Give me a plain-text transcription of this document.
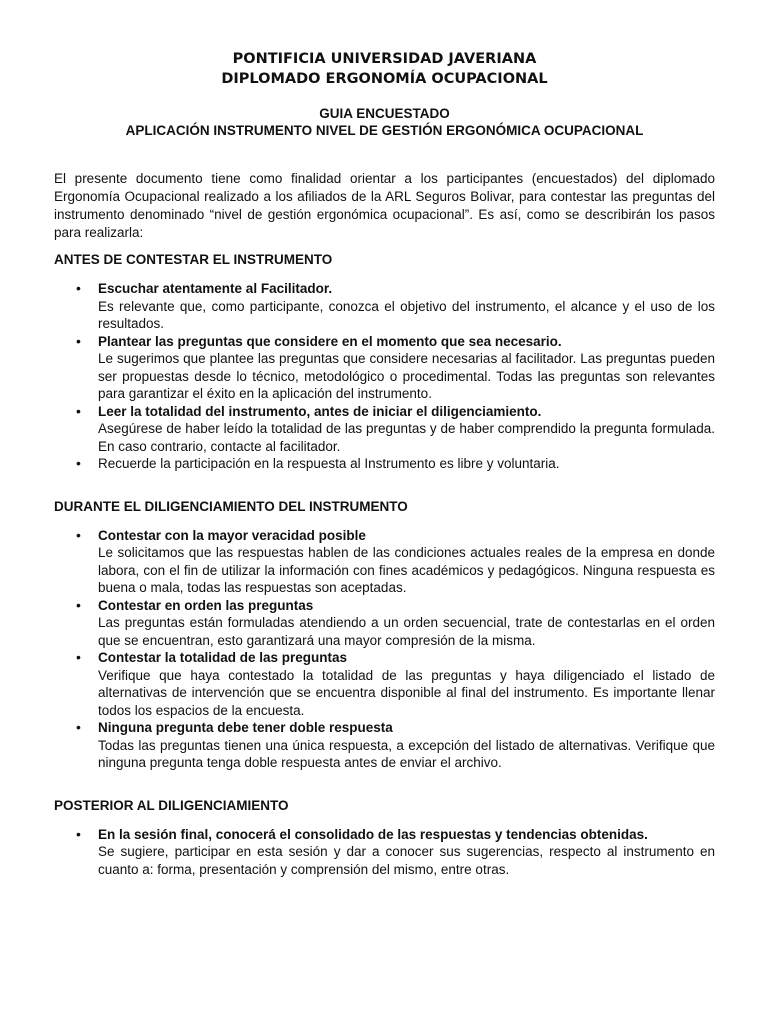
PONTIFICIA UNIVERSIDAD JAVERIANA

DIPLOMADO ERGONOMÍA OCUPACIONAL

GUIA ENCUESTADO

APLICACIÓN INSTRUMENTO NIVEL DE GESTIÓN ERGONÓMICA OCUPACIONAL

El presente documento tiene como finalidad orientar a los participantes (encuestados) del diplomado Ergonomía Ocupacional realizado a los afiliados de la ARL Seguros Bolivar, para contestar las preguntas del instrumento denominado “nivel de gestión ergonómica ocupacional”. Es así, como se describirán los pasos para realizarla:

ANTES DE CONTESTAR EL INSTRUMENTO

• Escuchar atentamente al Facilitador.
Es relevante que, como participante, conozca el objetivo del instrumento, el alcance y el uso de los resultados.
• Plantear las preguntas que considere en el momento que sea necesario.
Le sugerimos que plantee las preguntas que considere necesarias al facilitador. Las preguntas pueden ser propuestas desde lo técnico, metodológico o procedimental. Todas las preguntas son relevantes para garantizar el éxito en la aplicación del instrumento.
• Leer la totalidad del instrumento, antes de iniciar el diligenciamiento.
Asegúrese de haber leído la totalidad de las preguntas y de haber comprendido la pregunta formulada. En caso contrario, contacte al facilitador.
• Recuerde la participación en la respuesta al Instrumento es libre y voluntaria.

DURANTE EL DILIGENCIAMIENTO DEL INSTRUMENTO

• Contestar con la mayor veracidad posible
Le solicitamos que las respuestas hablen de las condiciones actuales reales de la empresa en donde labora, con el fin de utilizar la información con fines académicos y pedagógicos. Ninguna respuesta es buena o mala, todas las respuestas son aceptadas.
• Contestar en orden las preguntas
Las preguntas están formuladas atendiendo a un orden secuencial, trate de contestarlas en el orden que se encuentran, esto garantizará una mayor compresión de la misma.
• Contestar la totalidad de las preguntas
Verifique que haya contestado la totalidad de las preguntas y haya diligenciado el listado de alternativas de intervención que se encuentra disponible al final del instrumento. Es importante llenar todos los espacios de la encuesta.
• Ninguna pregunta debe tener doble respuesta
Todas las preguntas tienen una única respuesta, a excepción del listado de alternativas. Verifique que ninguna pregunta tenga doble respuesta antes de enviar el archivo.

POSTERIOR AL DILIGENCIAMIENTO

• En la sesión final, conocerá el consolidado de las respuestas y tendencias obtenidas.
Se sugiere, participar en esta sesión y dar a conocer sus sugerencias, respecto al instrumento en cuanto a: forma, presentación y comprensión del mismo, entre otras.
